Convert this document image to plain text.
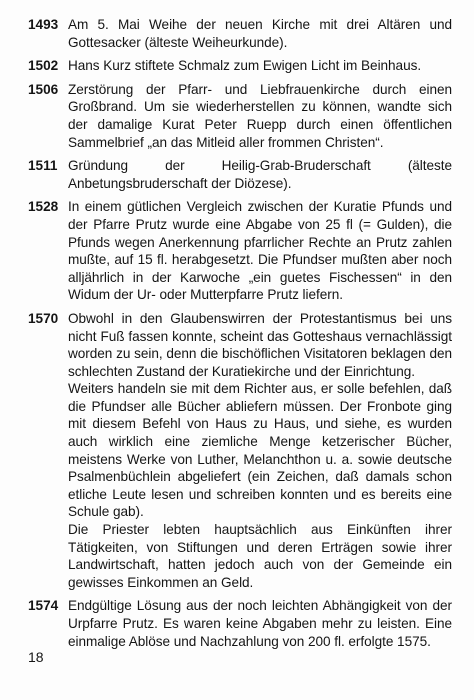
1493 Am 5. Mai Weihe der neuen Kirche mit drei Altären und Gottesacker (älteste Weiheurkunde).

1502 Hans Kurz stiftete Schmalz zum Ewigen Licht im Beinhaus.

1506 Zerstörung der Pfarr- und Liebfrauenkirche durch einen Großbrand. Um sie wiederherstellen zu können, wandte sich der damalige Kurat Peter Ruepp durch einen öffentlichen Sammelbrief „an das Mitleid aller frommen Christen“.

1511 Gründung der Heilig-Grab-Bruderschaft (älteste Anbetungsbruderschaft der Diözese).

1528 In einem gütlichen Vergleich zwischen der Kuratie Pfunds und der Pfarre Prutz wurde eine Abgabe von 25 fl (= Gulden), die Pfunds wegen Anerkennung pfarrlicher Rechte an Prutz zahlen mußte, auf 15 fl. herabgesetzt. Die Pfundser mußten aber noch alljährlich in der Karwoche „ein guetes Fischessen“ in den Widum der Ur- oder Mutterpfarre Prutz liefern.

1570 Obwohl in den Glaubenswirren der Protestantismus bei uns nicht Fuß fassen konnte, scheint das Gotteshaus vernachlässigt worden zu sein, denn die bischöflichen Visitatoren beklagen den schlechten Zustand der Kuratiekirche und der Einrichtung.

Weiters handeln sie mit dem Richter aus, er solle befehlen, daß die Pfundser alle Bücher abliefern müssen. Der Fronbote ging mit diesem Befehl von Haus zu Haus, und siehe, es wurden auch wirklich eine ziemliche Menge ketzerischer Bücher, meistens Werke von Luther, Melanchthon u. a. sowie deutsche Psalmenbüchlein abgeliefert (ein Zeichen, daß damals schon etliche Leute lesen und schreiben konnten und es bereits eine Schule gab).

Die Priester lebten hauptsächlich aus Einkünften ihrer Tätigkeiten, von Stiftungen und deren Erträgen sowie ihrer Landwirtschaft, hatten jedoch auch von der Gemeinde ein gewisses Einkommen an Geld.

1574 Endgültige Lösung aus der noch leichten Abhängigkeit von der Urpfarre Prutz. Es waren keine Abgaben mehr zu leisten. Eine einmalige Ablöse und Nachzahlung von 200 fl. erfolgte 1575.

18
